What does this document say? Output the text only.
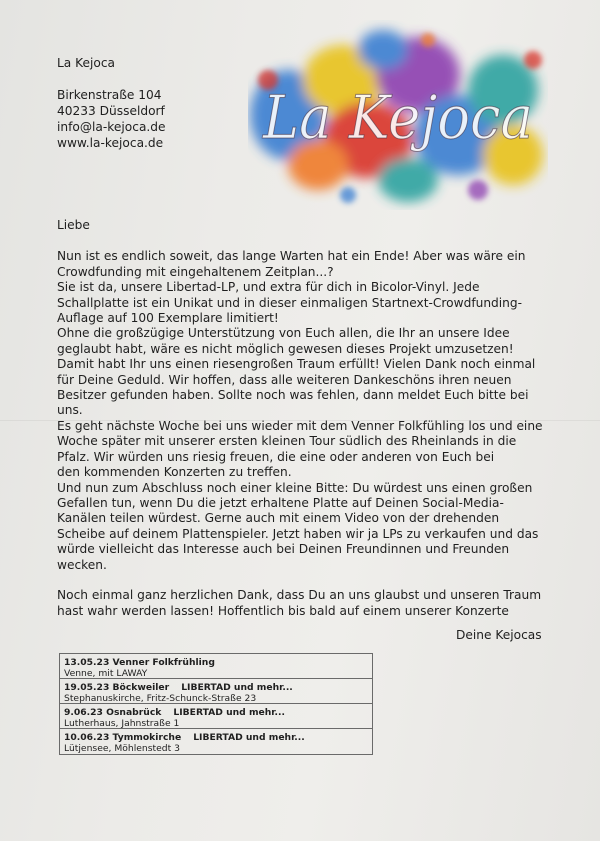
La Kejoca
Birkenstraße 104
40233 Düsseldorf
info@la-kejoca.de
www.la-kejoca.de La Kejoca

Liebe

Nun ist es endlich soweit, das lange Warten hat ein Ende! Aber was wäre ein
Crowdfunding mit eingehaltenem Zeitplan...?

Sie ist da, unsere Libertad-LP, und extra für dich in Bicolor-Vinyl. Jede
Schallplatte ist ein Unikat und in dieser einmaligen Startnext-Crowdfunding-
Auflage auf 100 Exemplare limitiert!

Ohne die großzügige Unterstützung von Euch allen, die Ihr an unsere Idee
geglaubt habt, wäre es nicht möglich gewesen dieses Projekt umzusetzen!
Damit habt Ihr uns einen riesengroßen Traum erfüllt! Vielen Dank noch einmal
für Deine Geduld. Wir hoffen, dass alle weiteren Dankeschöns ihren neuen
Besitzer gefunden haben. Sollte noch was fehlen, dann meldet Euch bitte bei
uns.

Es geht nächste Woche bei uns wieder mit dem Venner Folkfühling los und eine
Woche später mit unserer ersten kleinen Tour südlich des Rheinlands in die
Pfalz. Wir würden uns riesig freuen, die eine oder anderen von Euch bei
den kommenden Konzerten zu treffen.

Und nun zum Abschluss noch einer kleine Bitte: Du würdest uns einen großen
Gefallen tun, wenn Du die jetzt erhaltene Platte auf Deinen Social-Media-
Kanälen teilen würdest. Gerne auch mit einem Video von der drehenden
Scheibe auf deinem Plattenspieler. Jetzt haben wir ja LPs zu verkaufen und das
würde vielleicht das Interesse auch bei Deinen Freundinnen und Freunden
wecken.

Noch einmal ganz herzlichen Dank, dass Du an uns glaubst und unseren Traum
hast wahr werden lassen! Hoffentlich bis bald auf einem unserer Konzerte

Deine Kejocas
13.05.23 Venner Folkfrühling
Venne, mit LAWAY
19.05.23 Böckweiler LIBERTAD und mehr...
Stephanuskirche, Fritz-Schunck-Straße 23
9.06.23 Osnabrück LIBERTAD und mehr...
Lutherhaus, Jahnstraße 1
10.06.23 Tymmokirche LIBERTAD und mehr...
Lütjensee, Möhlenstedt 3
